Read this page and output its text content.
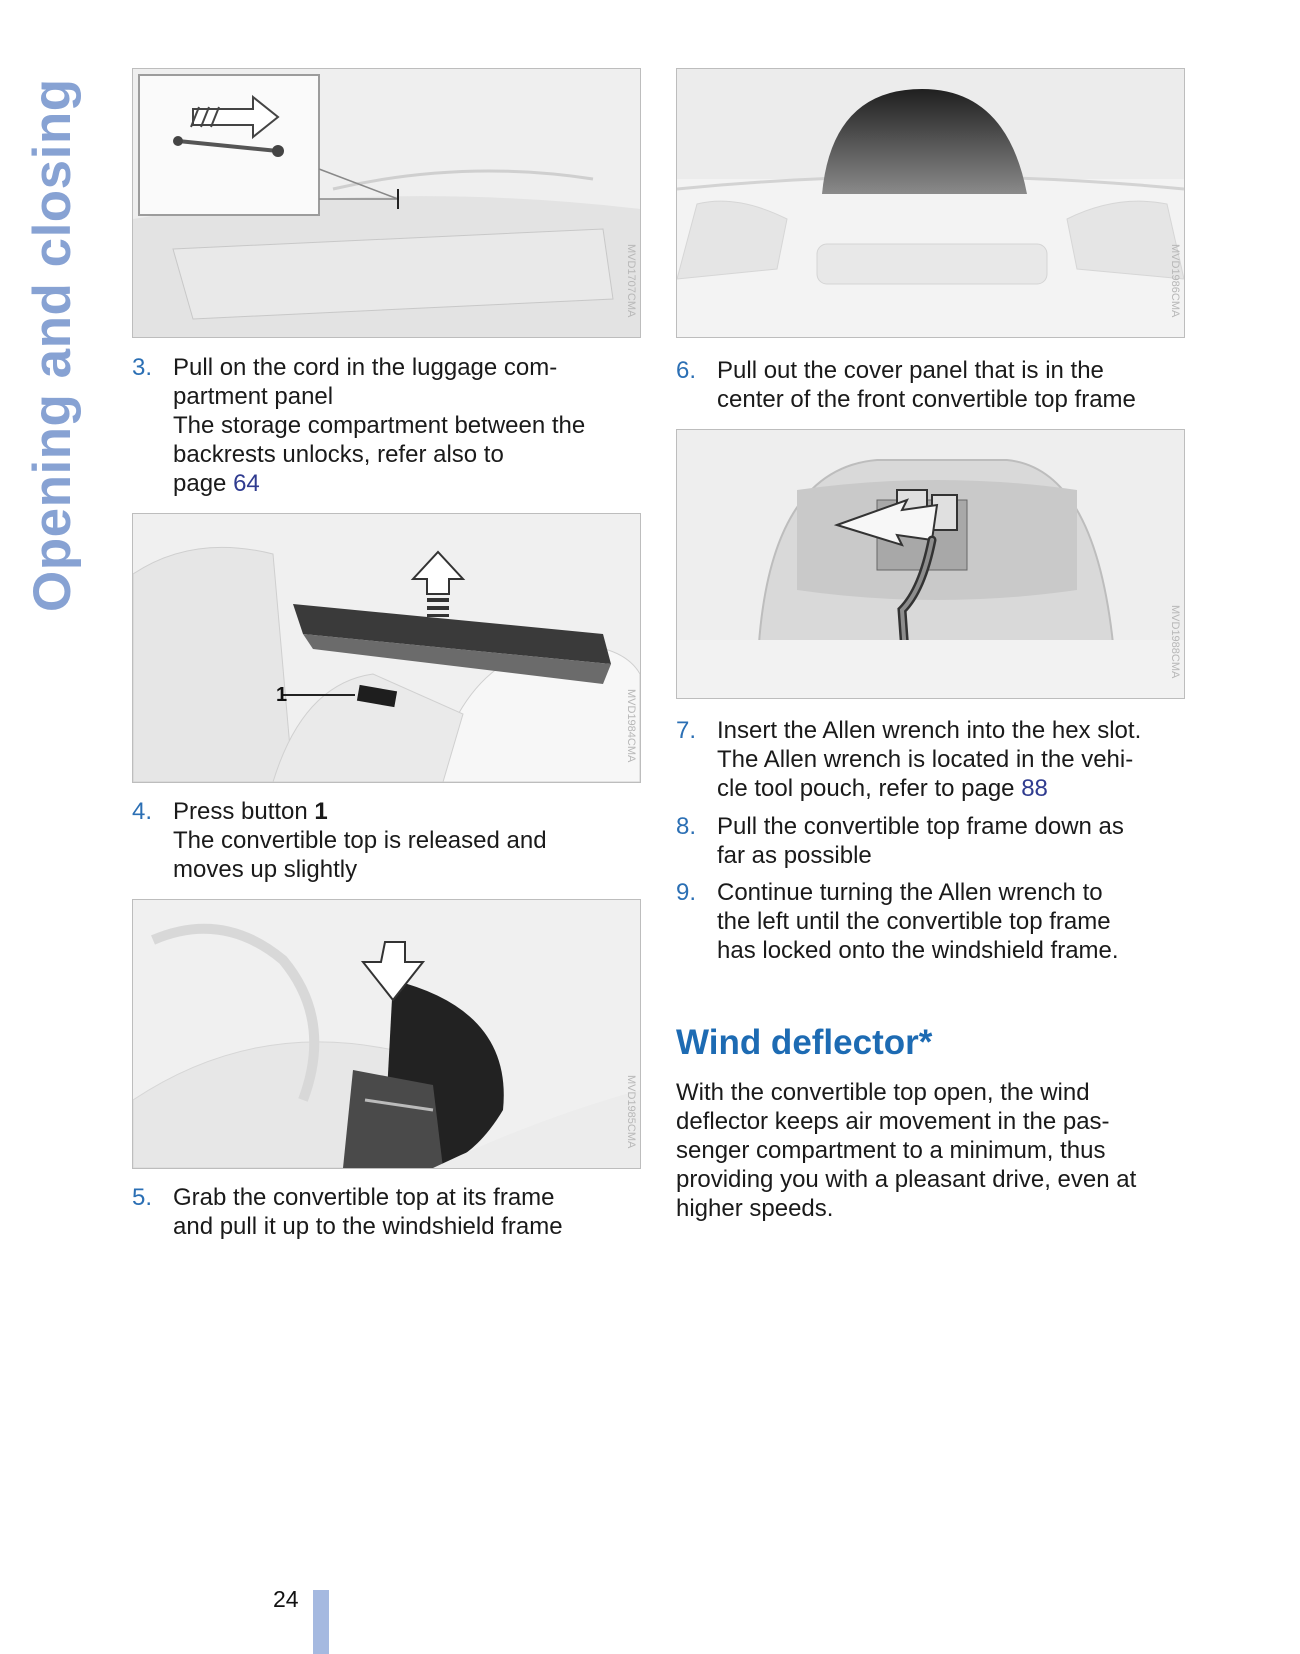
Opening and closing	MVD1707CMA
3. Pull on the cord in the luggage com-
partment panel
The storage compartment between the
backrests unlocks, refer also to
page 64
1	MVD1984CMA
4. Press button 1
The convertible top is released and
moves up slightly
MVD1985CMA
5. Grab the convertible top at its frame
and pull it up to the windshield frame
MVD1986CMA
6. Pull out the cover panel that is in the
center of the front convertible top frame
MVD1988CMA
7. Insert the Allen wrench into the hex slot.
The Allen wrench is located in the vehi-
cle tool pouch, refer to page 88
8. Pull the convertible top frame down as
far as possible
9. Continue turning the Allen wrench to
the left until the convertible top frame
has locked onto the windshield frame.
Wind deflector*
With the convertible top open, the wind
deflector keeps air movement in the pas-
senger compartment to a minimum, thus
providing you with a pleasant drive, even at
higher speeds.
24
